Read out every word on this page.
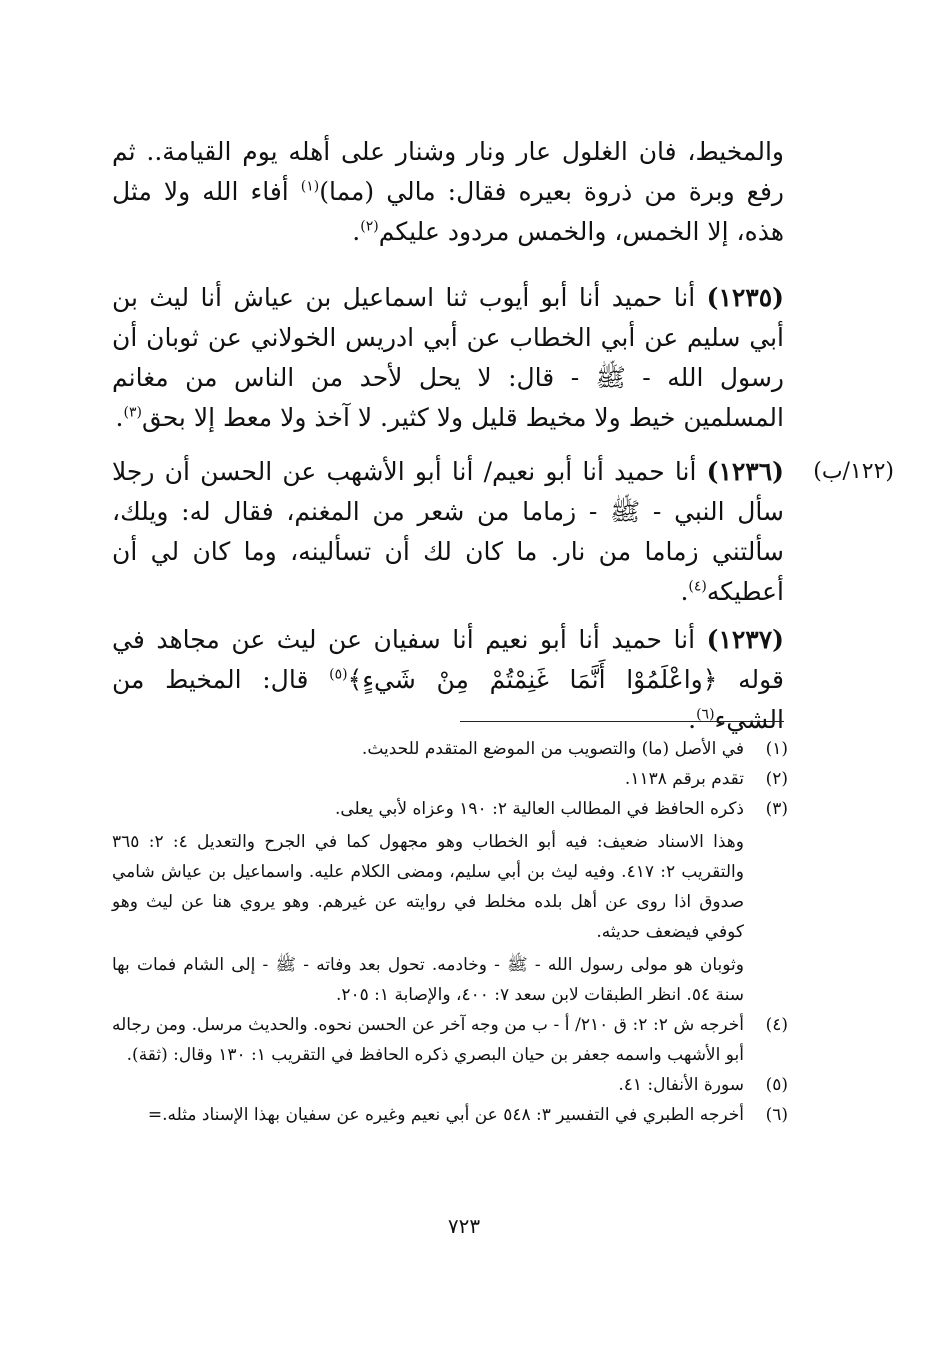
والمخيط، فان الغلول عار ونار وشنار على أهله يوم القيامة.. ثم رفع وبرة من ذروة بعيره فقال: مالي (مما)$^{(١)}$ أفاء الله ولا مثل هذه، إلا الخمس، والخمس مردود عليكم$^{(٢)}$.

(١٢٣٥) أنا حميد أنا أبو أيوب ثنا اسماعيل بن عياش أنا ليث بن أبي سليم عن أبي الخطاب عن أبي ادريس الخولاني عن ثوبان أن رسول الله - ﷺ - قال: لا يحل لأحد من الناس من مغانم المسلمين خيط ولا مخيط قليل ولا كثير. لا آخذ ولا معط إلا بحق$^{(٣)}$.

(١٢٢/ب)

(١٢٣٦) أنا حميد أنا أبو نعيم/ أنا أبو الأشهب عن الحسن أن رجلا سأل النبي - ﷺ - زماما من شعر من المغنم، فقال له: ويلك، سألتني زماما من نار. ما كان لك أن تسألينه، وما كان لي أن أعطيكه$^{(٤)}$.

(١٢٣٧) أنا حميد أنا أبو نعيم أنا سفيان عن ليث عن مجاهد في قوله ﴿واعْلَمُوْا أَنَّمَا غَنِمْتُمْ مِنْ شَيءٍ﴾$^{(٥)}$ قال: المخيط من الشيء$^{(٦)}$.

(١)

في الأصل (ما) والتصويب من الموضع المتقدم للحديث.

(٢)

تقدم برقم ١١٣٨.

(٣)

ذكره الحافظ في المطالب العالية ٢: ١٩٠ وعزاه لأبي يعلى.

وهذا الاسناد ضعيف: فيه أبو الخطاب وهو مجهول كما في الجرح والتعديل ٤: ٢: ٣٦٥ والتقريب ٢: ٤١٧. وفيه ليث بن أبي سليم، ومضى الكلام عليه. واسماعيل بن عياش شامي صدوق اذا روى عن أهل بلده مخلط في روايته عن غيرهم. وهو يروي هنا عن ليث وهو كوفي فيضعف حديثه.

وثوبان هو مولى رسول الله - ﷺ - وخادمه. تحول بعد وفاته - ﷺ - إلى الشام فمات بها سنة ٥٤. انظر الطبقات لابن سعد ٧: ٤٠٠، والإصابة ١: ٢٠٥.

(٤)

أخرجه ش ٢: ٢: ق ٢١٠/ أ - ب من وجه آخر عن الحسن نحوه. والحديث مرسل. ومن رجاله أبو الأشهب واسمه جعفر بن حيان البصري ذكره الحافظ في التقريب ١: ١٣٠ وقال: (ثقة).

(٥)

سورة الأنفال: ٤١.

(٦)

أخرجه الطبري في التفسير ٣: ٥٤٨ عن أبي نعيم وغيره عن سفيان بهذا الإسناد مثله.=

٧٢٣
